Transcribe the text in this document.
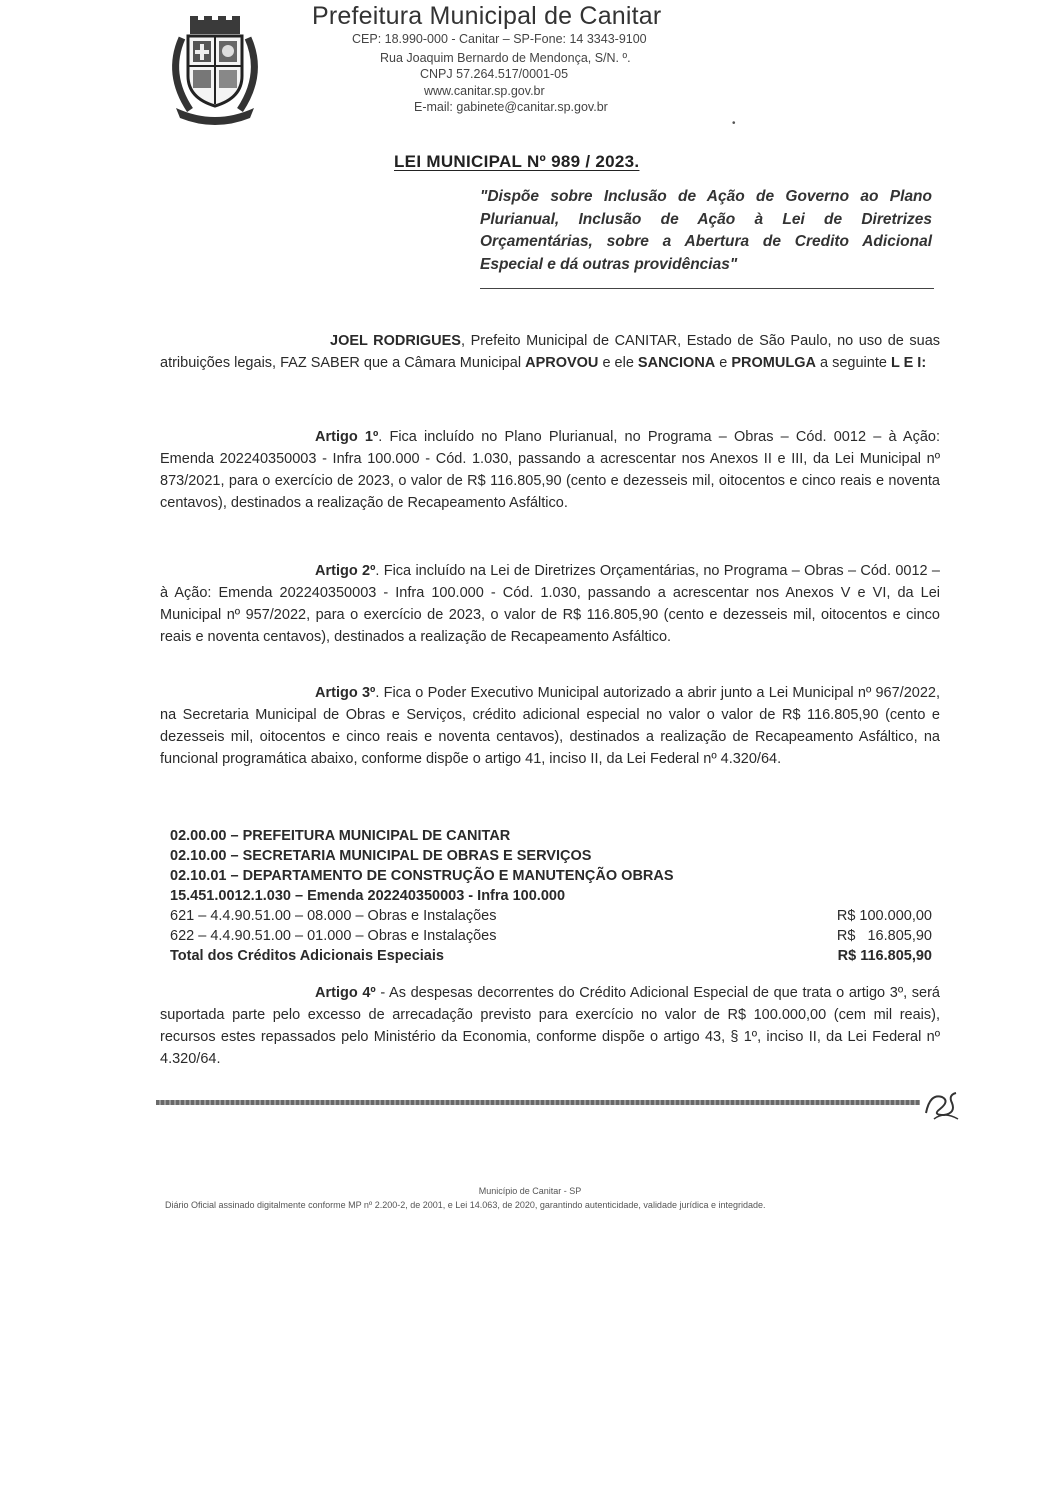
CANITAR
Prefeitura Municipal de Canitar
CEP: 18.990-000 - Canitar – SP-Fone: 14 3343-9100
Rua Joaquim Bernardo de Mendonça, S/N. º.
CNPJ 57.264.517/0001-05
www.canitar.sp.gov.br
E-mail: gabinete@canitar.sp.gov.br
•
LEI MUNICIPAL Nº 989 / 2023.
"Dispõe sobre Inclusão de Ação de Governo ao Plano Plurianual, Inclusão de Ação à Lei de Diretrizes Orçamentárias, sobre a Abertura de Credito Adicional Especial e dá outras providências"
JOEL RODRIGUES, Prefeito Municipal de CANITAR, Estado de São Paulo, no uso de suas atribuições legais, FAZ SABER que a Câmara Municipal APROVOU e ele SANCIONA e PROMULGA a seguinte L E I:
Artigo 1º. Fica incluído no Plano Plurianual, no Programa – Obras – Cód. 0012 – à Ação: Emenda 202240350003 - Infra 100.000 - Cód. 1.030, passando a acrescentar nos Anexos II e III, da Lei Municipal nº 873/2021, para o exercício de 2023, o valor de R$ 116.805,90 (cento e dezesseis mil, oitocentos e cinco reais e noventa centavos), destinados a realização de Recapeamento Asfáltico.
Artigo 2º. Fica incluído na Lei de Diretrizes Orçamentárias, no Programa – Obras – Cód. 0012 – à Ação: Emenda 202240350003 - Infra 100.000 - Cód. 1.030, passando a acrescentar nos Anexos V e VI, da Lei Municipal nº 957/2022, para o exercício de 2023, o valor de R$ 116.805,90 (cento e dezesseis mil, oitocentos e cinco reais e noventa centavos), destinados a realização de Recapeamento Asfáltico.
Artigo 3º. Fica o Poder Executivo Municipal autorizado a abrir junto a Lei Municipal nº 967/2022, na Secretaria Municipal de Obras e Serviços, crédito adicional especial no valor o valor de R$ 116.805,90 (cento e dezesseis mil, oitocentos e cinco reais e noventa centavos), destinados a realização de Recapeamento Asfáltico, na funcional programática abaixo, conforme dispõe o artigo 41, inciso II, da Lei Federal nº 4.320/64.
02.00.00 – PREFEITURA MUNICIPAL DE CANITAR
02.10.00 – SECRETARIA MUNICIPAL DE OBRAS E SERVIÇOS
02.10.01 – DEPARTAMENTO DE CONSTRUÇÃO E MANUTENÇÃO OBRAS
15.451.0012.1.030 – Emenda 202240350003 - Infra 100.000
621 – 4.4.90.51.00 – 08.000 – Obras e Instalações	R$ 100.000,00
622 – 4.4.90.51.00 – 01.000 – Obras e Instalações	R$   16.805,90
Total dos Créditos Adicionais Especiais	R$ 116.805,90
Artigo 4º - As despesas decorrentes do Crédito Adicional Especial de que trata o artigo 3º, será suportada parte pelo excesso de arrecadação previsto para exercício no valor de R$ 100.000,00 (cem mil reais), recursos estes repassados pelo Ministério da Economia, conforme dispõe o artigo 43, § 1º, inciso II, da Lei Federal nº 4.320/64.
Município de Canitar - SP
Diário Oficial assinado digitalmente conforme MP nº 2.200-2, de 2001, e Lei 14.063, de 2020, garantindo autenticidade, validade jurídica e integridade.
